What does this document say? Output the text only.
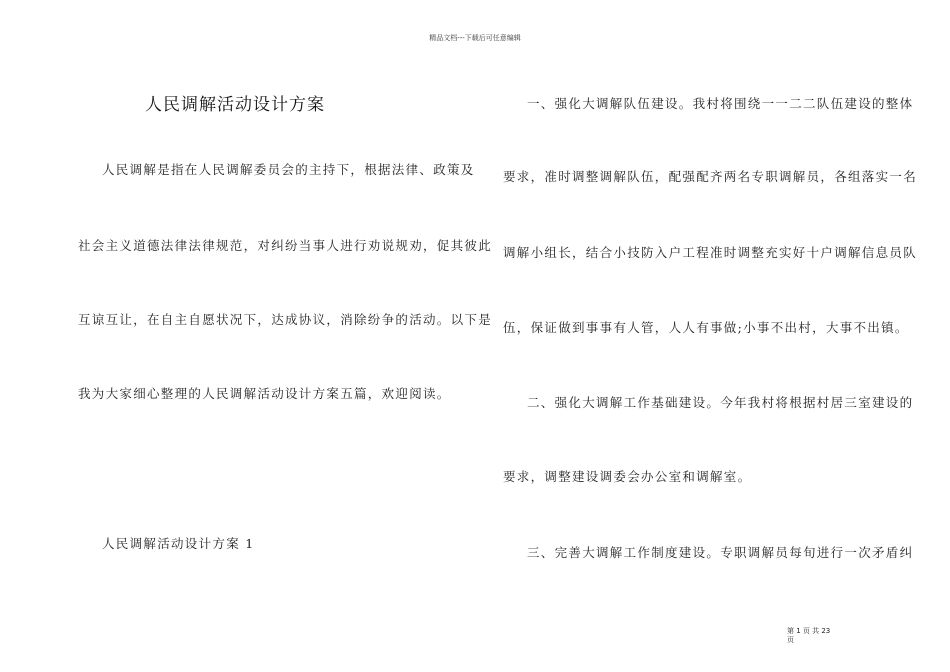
精品文档---下载后可任意编辑
人民调解活动设计方案
人民调解是指在人民调解委员会的主持下，根据法律、政策及
社会主义道德法律法律规范，对纠纷当事人进行劝说规劝，促其彼此
互谅互让，在自主自愿状况下，达成协议，消除纷争的活动。以下是
我为大家细心整理的人民调解活动设计方案五篇，欢迎阅读。
人民调解活动设计方案 1
一、强化大调解队伍建设。我村将围绕一一二二队伍建设的整体
要求，准时调整调解队伍，配强配齐两名专职调解员，各组落实一名
调解小组长，结合小技防入户工程准时调整充实好十户调解信息员队
伍，保证做到事事有人管，人人有事做;小事不出村，大事不出镇。
二、强化大调解工作基础建设。今年我村将根据村居三室建设的
要求，调整建设调委会办公室和调解室。
三、完善大调解工作制度建设。专职调解员每旬进行一次矛盾纠
第 1 页 共 23
页
